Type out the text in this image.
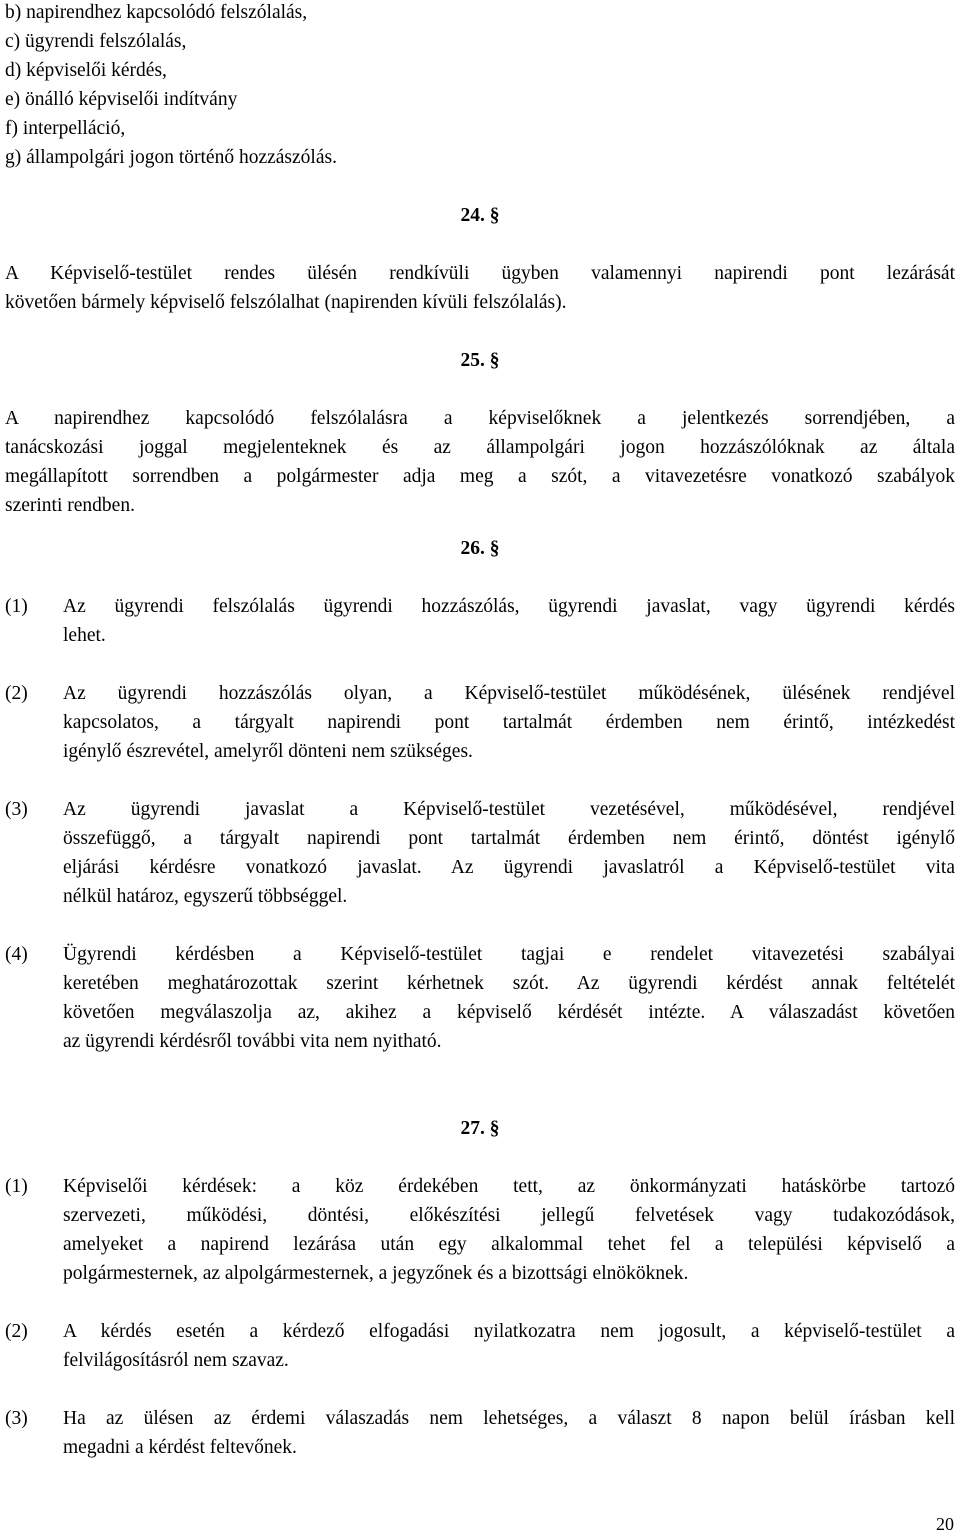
b) napirendhez kapcsolódó felszólalás,

c) ügyrendi felszólalás,

d) képviselői kérdés,

e) önálló képviselői indítvány

f) interpelláció,

g) állampolgári jogon történő hozzászólás.

24. §

A Képviselő-testület rendes ülésén rendkívüli ügyben valamennyi napirendi pont lezárását
követően bármely képviselő felszólalhat (napirenden kívüli felszólalás).

25. §

A napirendhez kapcsolódó felszólalásra a képviselőknek a jelentkezés sorrendjében, a
tanácskozási joggal megjelenteknek és az állampolgári jogon hozzászólóknak az általa
megállapított sorrendben a polgármester adja meg a szót, a vitavezetésre vonatkozó szabályok
szerinti rendben.

26. §

(1)	Az ügyrendi felszólalás ügyrendi hozzászólás, ügyrendi javaslat, vagy ügyrendi kérdés
lehet.
(2)	Az ügyrendi hozzászólás olyan, a Képviselő-testület működésének, ülésének rendjével
kapcsolatos, a tárgyalt napirendi pont tartalmát érdemben nem érintő, intézkedést
igénylő észrevétel, amelyről dönteni nem szükséges.
(3)	Az ügyrendi javaslat a Képviselő-testület vezetésével, működésével, rendjével
összefüggő, a tárgyalt napirendi pont tartalmát érdemben nem érintő, döntést igénylő
eljárási kérdésre vonatkozó javaslat. Az ügyrendi javaslatról a Képviselő-testület vita
nélkül határoz, egyszerű többséggel.
(4)	Ügyrendi kérdésben a Képviselő-testület tagjai e rendelet vitavezetési szabályai
keretében meghatározottak szerint kérhetnek szót. Az ügyrendi kérdést annak feltételét
követően megválaszolja az, akihez a képviselő kérdését intézte. A válaszadást követően
az ügyrendi kérdésről további vita nem nyitható.

27. §

(1)	Képviselői kérdések: a köz érdekében tett, az önkormányzati hatáskörbe tartozó
szervezeti, működési, döntési, előkészítési jellegű felvetések vagy tudakozódások,
amelyeket a napirend lezárása után egy alkalommal tehet fel a települési képviselő a
polgármesternek, az alpolgármesternek, a jegyzőnek és a bizottsági elnököknek.
(2)	A kérdés esetén a kérdező elfogadási nyilatkozatra nem jogosult, a képviselő-testület a
felvilágosításról nem szavaz.
(3)	Ha az ülésen az érdemi válaszadás nem lehetséges, a választ 8 napon belül írásban kell
megadni a kérdést feltevőnek.
20
